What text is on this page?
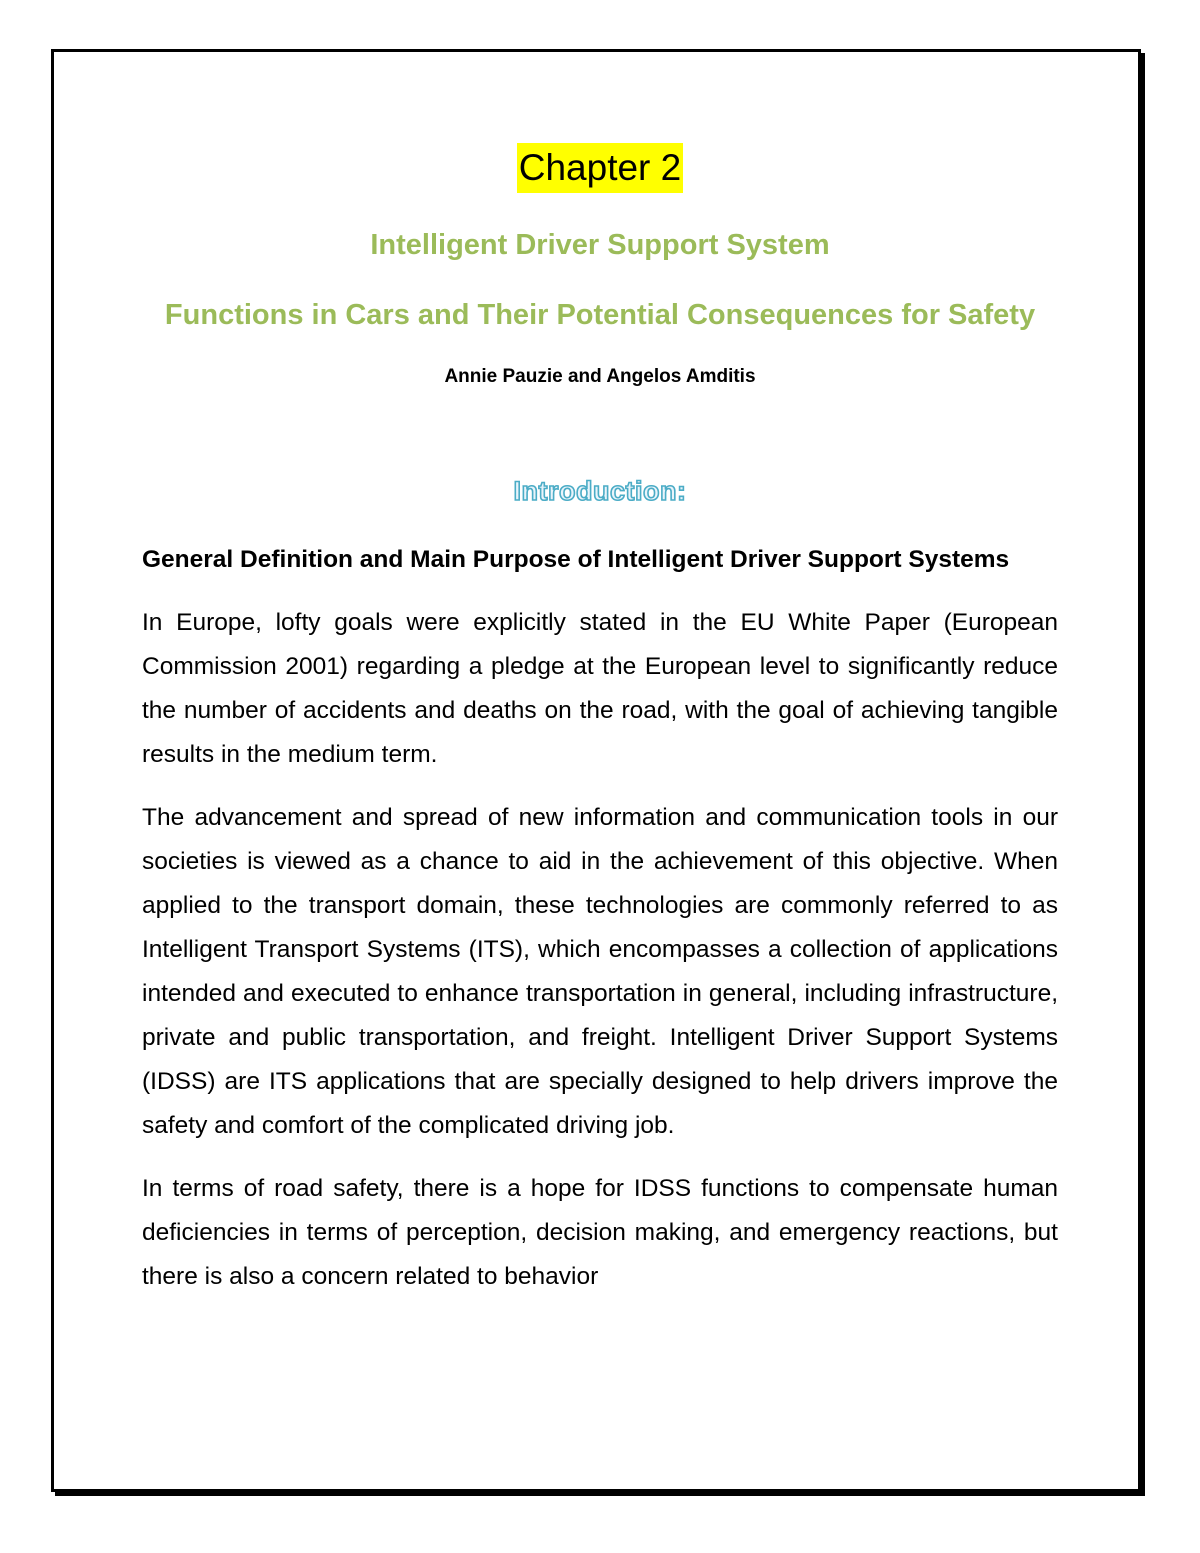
Chapter 2
Intelligent Driver Support System
Functions in Cars and Their Potential Consequences for Safety
Annie Pauzie and Angelos Amditis
Introduction:

General Definition and Main Purpose of Intelligent Driver Support Systems

In Europe, lofty goals were explicitly stated in the EU White Paper (European Commission 2001) regarding a pledge at the European level to significantly reduce the number of accidents and deaths on the road, with the goal of achieving tangible results in the medium term.

The advancement and spread of new information and communication tools in our societies is viewed as a chance to aid in the achievement of this objective. When applied to the transport domain, these technologies are commonly referred to as Intelligent Transport Systems (ITS), which encompasses a collection of applications intended and executed to enhance transportation in general, including infrastructure, private and public transportation, and freight. Intelligent Driver Support Systems (IDSS) are ITS applications that are specially designed to help drivers improve the safety and comfort of the complicated driving job.

In terms of road safety, there is a hope for IDSS functions to compensate human deficiencies in terms of perception, decision making, and emergency reactions, but there is also a concern related to behavior
